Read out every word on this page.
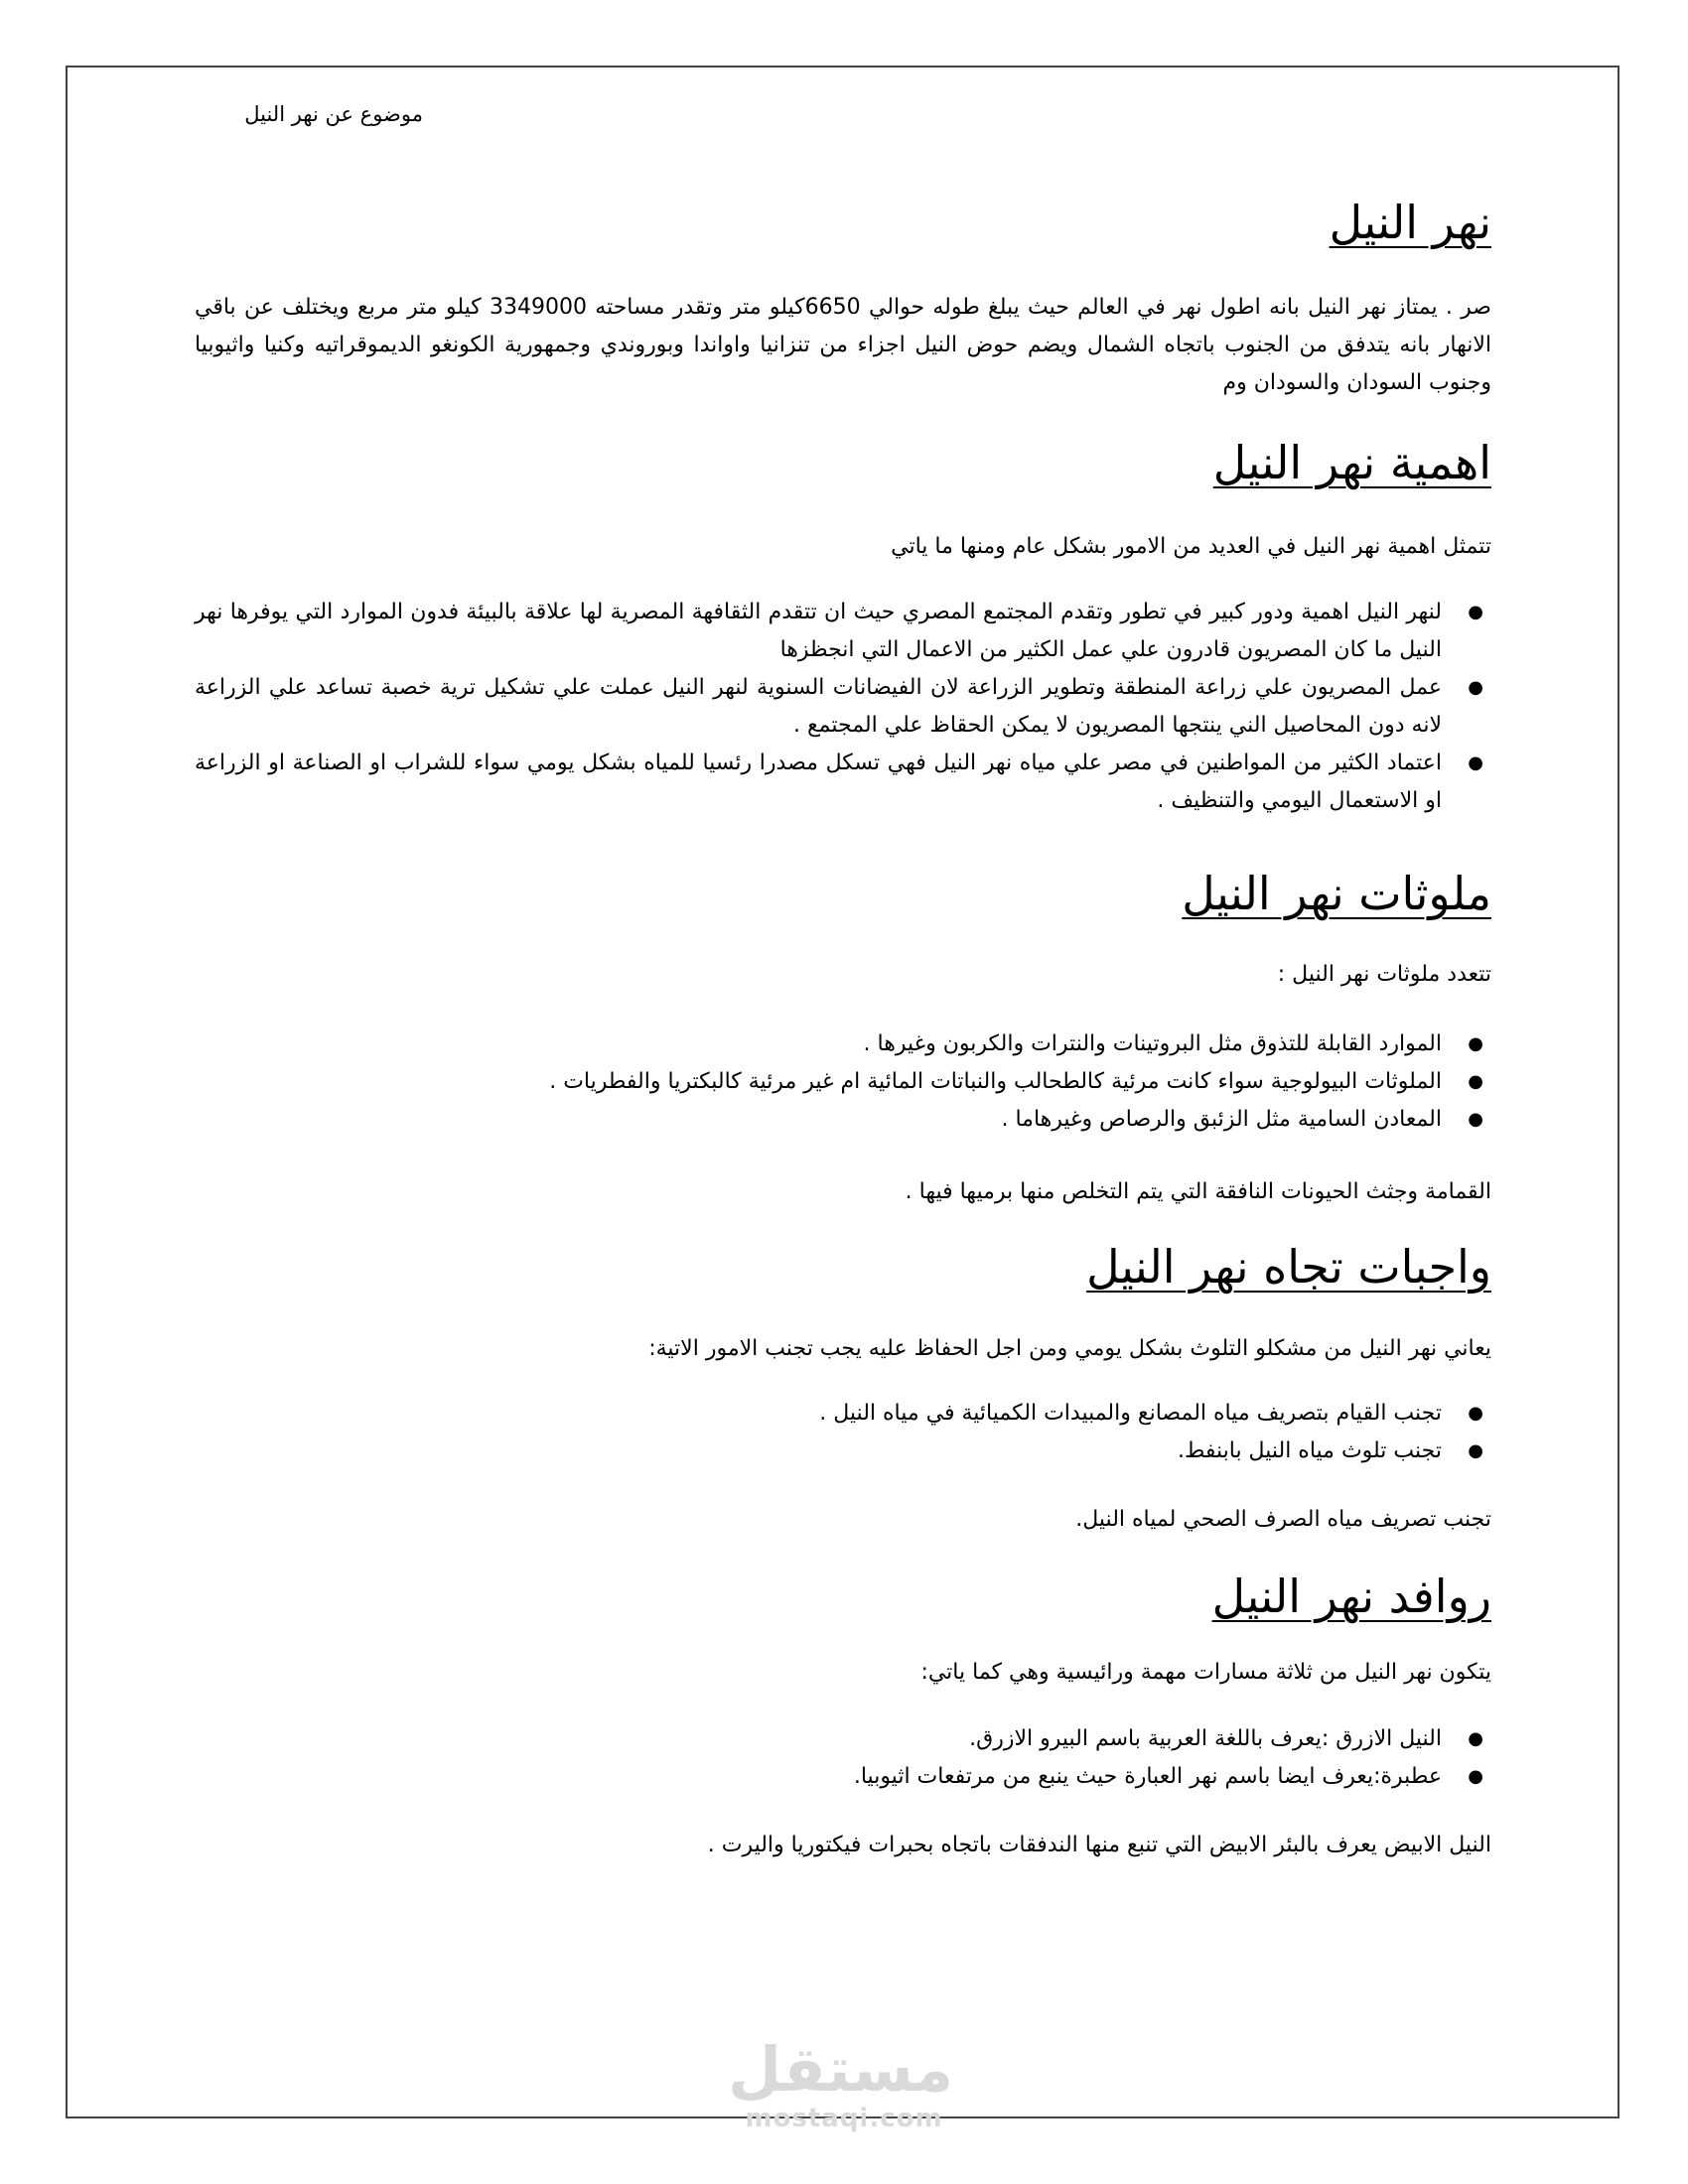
موضوع عن نهر النيل
نهر النيل
صر . يمتاز نهر النيل بانه اطول نهر في العالم حيث يبلغ طوله حوالي 6650كيلو متر وتقدر مساحته 3349000 كيلو متر مربع ويختلف عن باقي الانهار بانه يتدفق من الجنوب باتجاه الشمال ويضم حوض النيل اجزاء من تنزانيا واواندا وبوروندي وجمهورية الكونغو الديموقراتيه وكنيا واثيوبيا وجنوب السودان والسودان وم
اهمية نهر النيل
تتمثل اهمية نهر النيل في العديد من الامور بشكل عام ومنها ما ياتي
●
لنهر النيل اهمية ودور كبير في تطور وتقدم المجتمع المصري حيث ان تتقدم الثقافهة المصرية لها علاقة بالبيئة فدون الموارد التي يوفرها نهر النيل ما كان المصريون قادرون علي عمل الكثير من الاعمال التي انجظزها
●
عمل المصريون علي زراعة المنطقة وتطوير الزراعة لان الفيضانات السنوية لنهر النيل عملت علي تشكيل ترية خصبة تساعد علي الزراعة لانه دون المحاصيل الني ينتجها المصريون لا يمكن الحقاظ علي المجتمع .
●
اعتماد الكثير من المواطنين في مصر علي مياه نهر النيل فهي تسكل مصدرا رئسيا للمياه بشكل يومي سواء للشراب او الصناعة او الزراعة او الاستعمال اليومي والتنظيف .
ملوثات نهر النيل
تتعدد ملوثات نهر النيل :
●
الموارد القابلة للتذوق مثل البروتينات والنترات والكربون وغيرها .
●
الملوثات البيولوجية سواء كانت مرئية كالطحالب والنباتات المائية ام غير مرئية كالبكتريا والفطريات .
●
المعادن السامية مثل الزئبق والرصاص وغيرهاما .
القمامة وجثث الحيونات النافقة التي يتم التخلص منها برميها فيها .
واجبات تجاه نهر النيل
يعاني نهر النيل من مشكلو التلوث بشكل يومي ومن اجل الحفاظ عليه يجب تجنب الامور الاتية:
●
تجنب القيام بتصريف مياه المصانع والمبيدات الكميائية في مياه النيل .
●
تجنب تلوث مياه النيل بابنفط.
تجنب تصريف مياه الصرف الصحي لمياه النيل.
روافد نهر النيل
يتكون نهر النيل من ثلاثة مسارات مهمة ورائيسية وهي كما ياتي:
●
النيل الازرق :يعرف باللغة العربية باسم البيرو الازرق.
●
عطبرة:يعرف ايضا باسم نهر العبارة حيث ينبع من مرتفعات اثيوبيا.
النيل الابيض يعرف بالبئر الابيض التي تنبع منها الندفقات باتجاه بحبرات فيكتوريا واليرت .
مستقل
mostaqi.com
